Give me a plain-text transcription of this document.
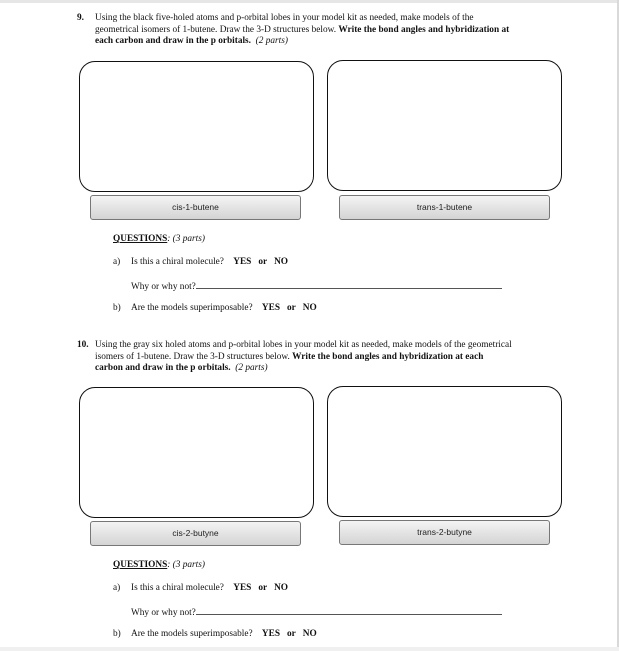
9. Using the black five-holed atoms and p-orbital lobes in your model kit as needed, make models of the
geometrical isomers of 1-butene. Draw the 3-D structures below. Write the bond angles and hybridization at
each carbon and draw in the p orbitals. (2 parts)
cis-1-butene	trans-1-butene
QUESTIONS: (3 parts)
a) Is this a chiral molecule? YES or NO
Why or why not?
b) Are the models superimposable? YES or NO
10. Using the gray six holed atoms and p-orbital lobes in your model kit as needed, make models of the geometrical
isomers of 1-butene. Draw the 3-D structures below. Write the bond angles and hybridization at each
carbon and draw in the p orbitals. (2 parts)
cis-2-butyne	trans-2-butyne
QUESTIONS: (3 parts)
a) Is this a chiral molecule? YES or NO
Why or why not?
b) Are the models superimposable? YES or NO
